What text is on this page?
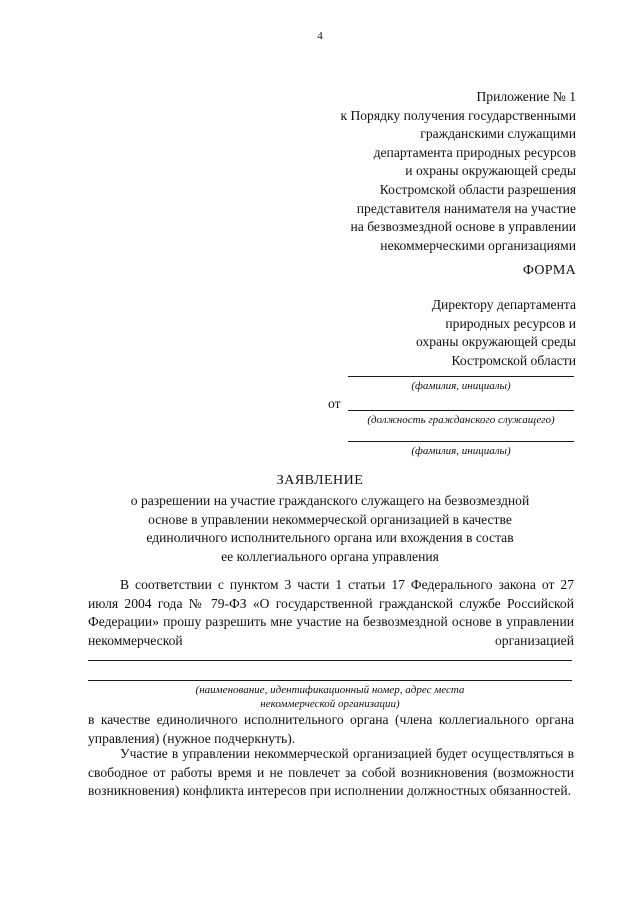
4
Приложение № 1
к Порядку получения государственными
гражданскими служащими
департамента природных ресурсов
и охраны окружающей среды
Костромской области разрешения
представителя нанимателя на участие
на безвозмездной основе в управлении
некоммерческими организациями
ФОРМА
Директору департамента
природных ресурсов и
охраны окружающей среды
Костромской области
(фамилия, инициалы)
от
(должность гражданского служащего)
(фамилия, инициалы)
ЗАЯВЛЕНИЕ
о разрешении на участие гражданского служащего на безвозмездной
основе в управлении некоммерческой организацией в качестве
единоличного исполнительного органа или вхождения в состав
ее коллегиального органа управления
В соответствии с пунктом 3 части 1 статьи 17 Федерального закона от 27 июля 2004 года № 79-ФЗ «О государственной гражданской службе Российской Федерации» прошу разрешить мне участие на безвозмездной основе в управлении некоммерческой организацией
(наименование, идентификационный номер, адрес места
некоммерческой организации)
в качестве единоличного исполнительного органа (члена коллегиального органа управления) (нужное подчеркнуть).
Участие в управлении некоммерческой организацией будет осуществляться в свободное от работы время и не повлечет за собой возникновения (возможности возникновения) конфликта интересов при исполнении должностных обязанностей.
